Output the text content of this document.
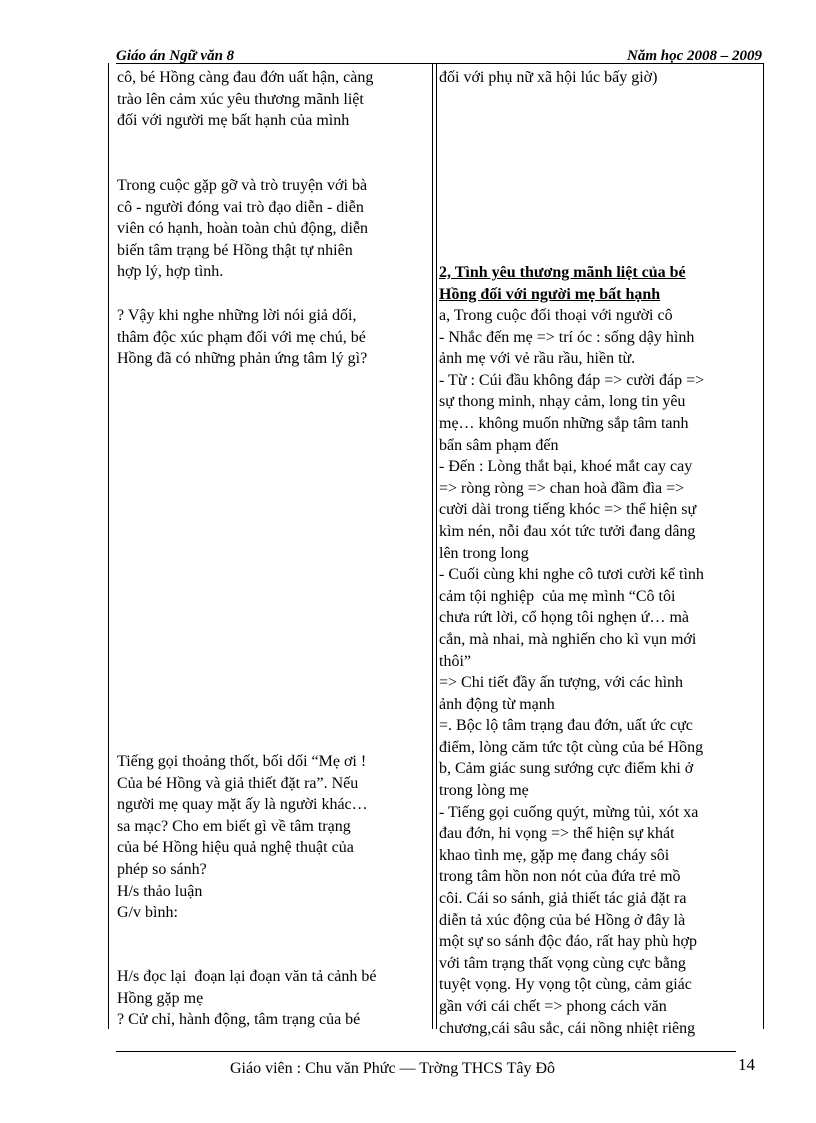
Giáo án Ngữ văn 8	Năm học 2008 – 2009

cô, bé Hồng càng đau đớn uất hận, càng
trào lên cảm xúc yêu thương mãnh liệt
đối với người mẹ bất hạnh của mình

Trong cuộc gặp gỡ và trò truyện với bà
cô - người đóng vai trò đạo diễn - diễn
viên có hạnh, hoàn toàn chủ động, diễn
biến tâm trạng bé Hồng thật tự nhiên
hợp lý, hợp tình.

? Vậy khi nghe những lời nói giả dối,
thâm độc xúc phạm đối với mẹ chú, bé
Hồng đã có những phản ứng tâm lý gì?

Tiếng gọi thoảng thốt, bối dối “Mẹ ơi !
Của bé Hồng và giả thiết đặt ra”. Nếu
người mẹ quay mặt ấy là người khác…
sa mạc? Cho em biết gì về tâm trạng
của bé Hồng hiệu quả nghệ thuật của
phép so sánh?
H/s thảo luận
G/v bình:

H/s đọc lại  đoạn lại đoạn văn tả cảnh bé
Hồng gặp mẹ
? Cử chỉ, hành động, tâm trạng của bé

đối với phụ nữ xã hội lúc bấy giờ)

2, Tình yêu thương mãnh liệt của bé
Hồng đối với người mẹ bất hạnh

a, Trong cuộc đối thoại với người cô
- Nhắc đến mẹ => trí óc : sống dậy hình
ảnh mẹ với vẻ rầu rầu, hiền từ.
- Từ : Cúi đầu không đáp => cười đáp =>
sự thong minh, nhạy cảm, long tin yêu
mẹ… không muốn những sắp tâm tanh
bẩn sâm phạm đến
- Đến : Lòng thắt bại, khoé mắt cay cay
=> ròng ròng => chan hoà đầm đìa =>
cười dài trong tiếng khóc => thể hiện sự
kìm nén, nỗi đau xót tức tưởi đang dâng
lên trong long
- Cuối cùng khi nghe cô tươi cười kể tình
cảm tội nghiệp  của mẹ mình “Cô tôi
chưa rứt lời, cổ họng tôi nghẹn ứ… mà
cắn, mà nhai, mà nghiến cho kì vụn mới
thôi”
=> Chi tiết đầy ấn tượng, với các hình
ảnh động từ mạnh
=. Bộc lộ tâm trạng đau đớn, uất ức cực
điểm, lòng căm tức tột cùng của bé Hồng
b, Cảm giác sung sướng cực điểm khi ở
trong lòng mẹ
- Tiếng gọi cuống quýt, mừng tủi, xót xa
đau đớn, hi vọng => thể hiện sự khát
khao tình mẹ, gặp mẹ đang cháy sôi
trong tâm hồn non nót của đứa trẻ mồ
côi. Cái so sánh, giả thiết tác giả đặt ra
diễn tả xúc động của bé Hồng ở đây là
một sự so sánh độc đáo, rất hay phù hợp
với tâm trạng thất vọng cùng cực bằng
tuyệt vọng. Hy vọng tột cùng, cảm giác
gần với cái chết => phong cách văn
chương,cái sâu sắc, cái nồng nhiệt riêng

Giáo viên : Chu văn Phức — Trờng THCS Tây Đô	14
